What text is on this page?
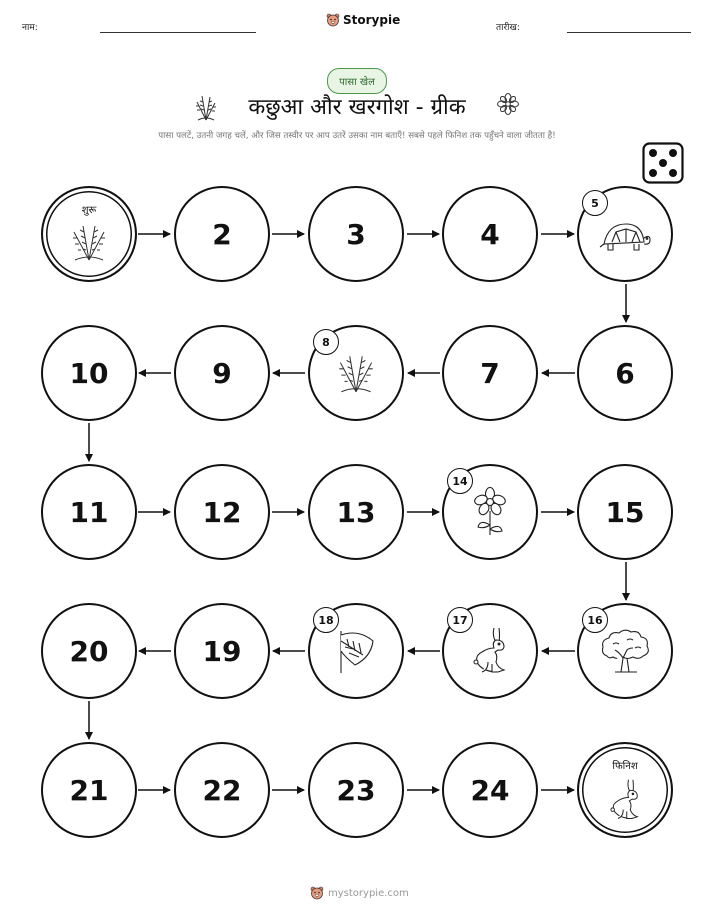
नाम:
Storypie
तारीख:
पासा खेल
कछुआ और खरगोश - ग्रीक
पासा पलटें, उतनी जगह चलें, और जिस तस्वीर पर आप उतरें उसका नाम बताएँ! सबसे पहले फिनिश तक पहुँचने वाला जीतता है!
शुरू
2	3	4
5
10	9
8
7	6
11	12	13
14
15
20	19
18	17	16
21	22	23	24
फिनिश
mystorypie.com
